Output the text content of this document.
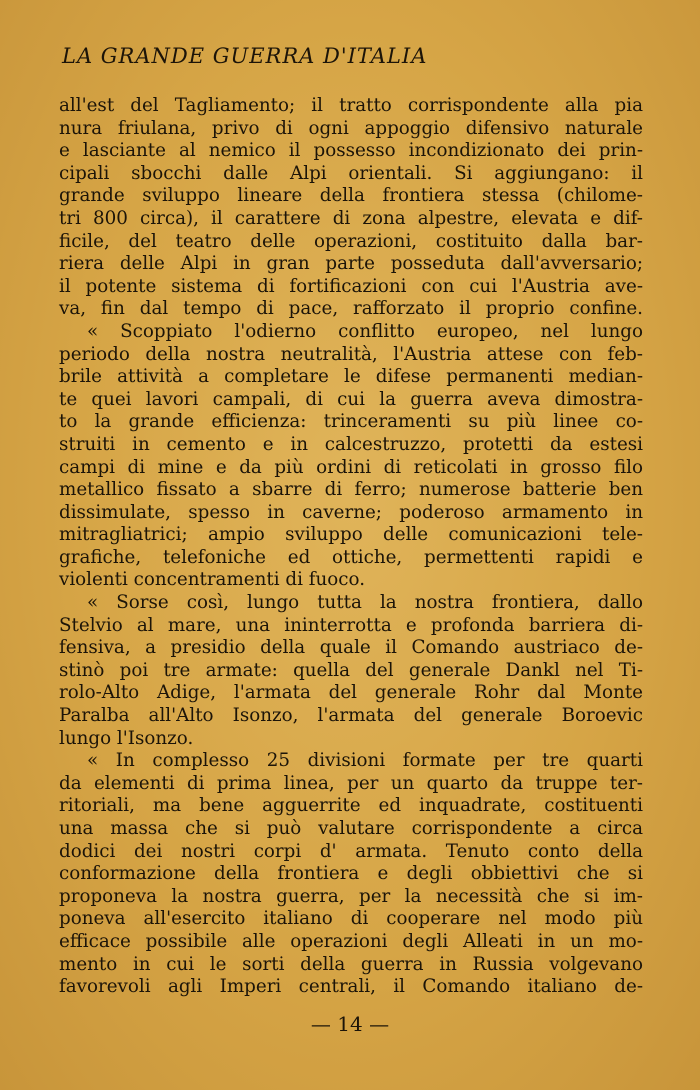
LA GRANDE GUERRA D'ITALIA
all'est del Tagliamento; il tratto corrispondente alla pia
nura friulana, privo di ogni appoggio difensivo naturale
e lasciante al nemico il possesso incondizionato dei prin-
cipali sbocchi dalle Alpi orientali. Si aggiungano: il
grande sviluppo lineare della frontiera stessa (chilome-
tri 800 circa), il carattere di zona alpestre, elevata e dif-
ficile, del teatro delle operazioni, costituito dalla bar-
riera delle Alpi in gran parte posseduta dall'avversario;
il potente sistema di fortificazioni con cui l'Austria ave-
va, fin dal tempo di pace, rafforzato il proprio confine.
« Scoppiato l'odierno conflitto europeo, nel lungo
periodo della nostra neutralità, l'Austria attese con feb-
brile attività a completare le difese permanenti median-
te quei lavori campali, di cui la guerra aveva dimostra-
to la grande efficienza: trinceramenti su più linee co-
struiti in cemento e in calcestruzzo, protetti da estesi
campi di mine e da più ordini di reticolati in grosso filo
metallico fissato a sbarre di ferro; numerose batterie ben
dissimulate, spesso in caverne; poderoso armamento in
mitragliatrici; ampio sviluppo delle comunicazioni tele-
grafiche, telefoniche ed ottiche, permettenti rapidi e
violenti concentramenti di fuoco.
« Sorse così, lungo tutta la nostra frontiera, dallo
Stelvio al mare, una ininterrotta e profonda barriera di-
fensiva, a presidio della quale il Comando austriaco de-
stinò poi tre armate: quella del generale Dankl nel Ti-
rolo-Alto Adige, l'armata del generale Rohr dal Monte
Paralba all'Alto Isonzo, l'armata del generale Boroevic
lungo l'Isonzo.
« In complesso 25 divisioni formate per tre quarti
da elementi di prima linea, per un quarto da truppe ter-
ritoriali, ma bene agguerrite ed inquadrate, costituenti
una massa che si può valutare corrispondente a circa
dodici dei nostri corpi d' armata. Tenuto conto della
conformazione della frontiera e degli obbiettivi che si
proponeva la nostra guerra, per la necessità che si im-
poneva all'esercito italiano di cooperare nel modo più
efficace possibile alle operazioni degli Alleati in un mo-
mento in cui le sorti della guerra in Russia volgevano
favorevoli agli Imperi centrali, il Comando italiano de-
— 14 —
